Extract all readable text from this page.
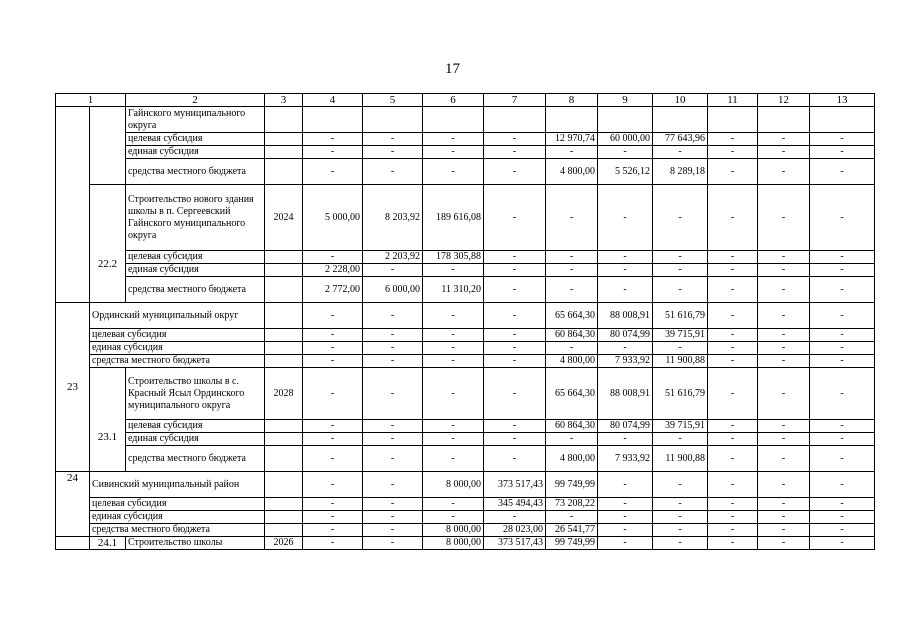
17
1		2	3	4	5	6	7	8	9	10	11	12	13
		Гайнского муниципального округа											
		целевая субсидия		-	-	-	-	12 970,74	60 000,00	77 643,96	-	-	-
		единая субсидия		-	-	-	-	-	-	-	-	-	-
		средства местного бюджета		-	-	-	-	4 800,00	5 526,12	8 289,18	-	-	-
	22.2	Строительство нового здания школы в п. Сергеевский Гайнского муниципального округа	2024	5 000,00	8 203,92	189 616,08	-	-	-	-	-	-	-
		целевая субсидия		-	2 203,92	178 305,88	-	-	-	-	-	-	-
		единая субсидия		2 228,00	-	-	-	-	-	-	-	-	-
		средства местного бюджета		2 772,00	6 000,00	11 310,20	-	-	-	-	-	-	-
23	Ординский муниципальный округ			-	-	-	-	65 664,30	88 008,91	51 616,79	-	-	-
	целевая субсидия			-	-	-	-	60 864,30	80 074,99	39 715,91	-	-	-
	единая субсидия			-	-	-	-	-	-	-	-	-	-
	средства местного бюджета			-	-	-	-	4 800,00	7 933,92	11 900,88	-	-	-
	23.1	Строительство школы в с. Красный Ясыл Ординского муниципального округа	2028	-	-	-	-	65 664,30	88 008,91	51 616,79	-	-	-
		целевая субсидия		-	-	-	-	60 864,30	80 074,99	39 715,91	-	-	-
		единая субсидия		-	-	-	-	-	-	-	-	-	-
		средства местного бюджета		-	-	-	-	4 800,00	7 933,92	11 900,88	-	-	-
24	Сивинский муниципальный район			-	-	8 000,00	373 517,43	99 749,99	-	-	-	-	-
	целевая субсидия			-	-	-	345 494,43	73 208,22	-	-	-	-	-
	единая субсидия			-	-	-	-	-	-	-	-	-	-
	средства местного бюджета			-	-	8 000,00	28 023,00	26 541,77	-	-	-	-	-
	24.1	Строительство школы	2026	-	-	8 000,00	373 517,43	99 749,99	-	-	-	-	-
